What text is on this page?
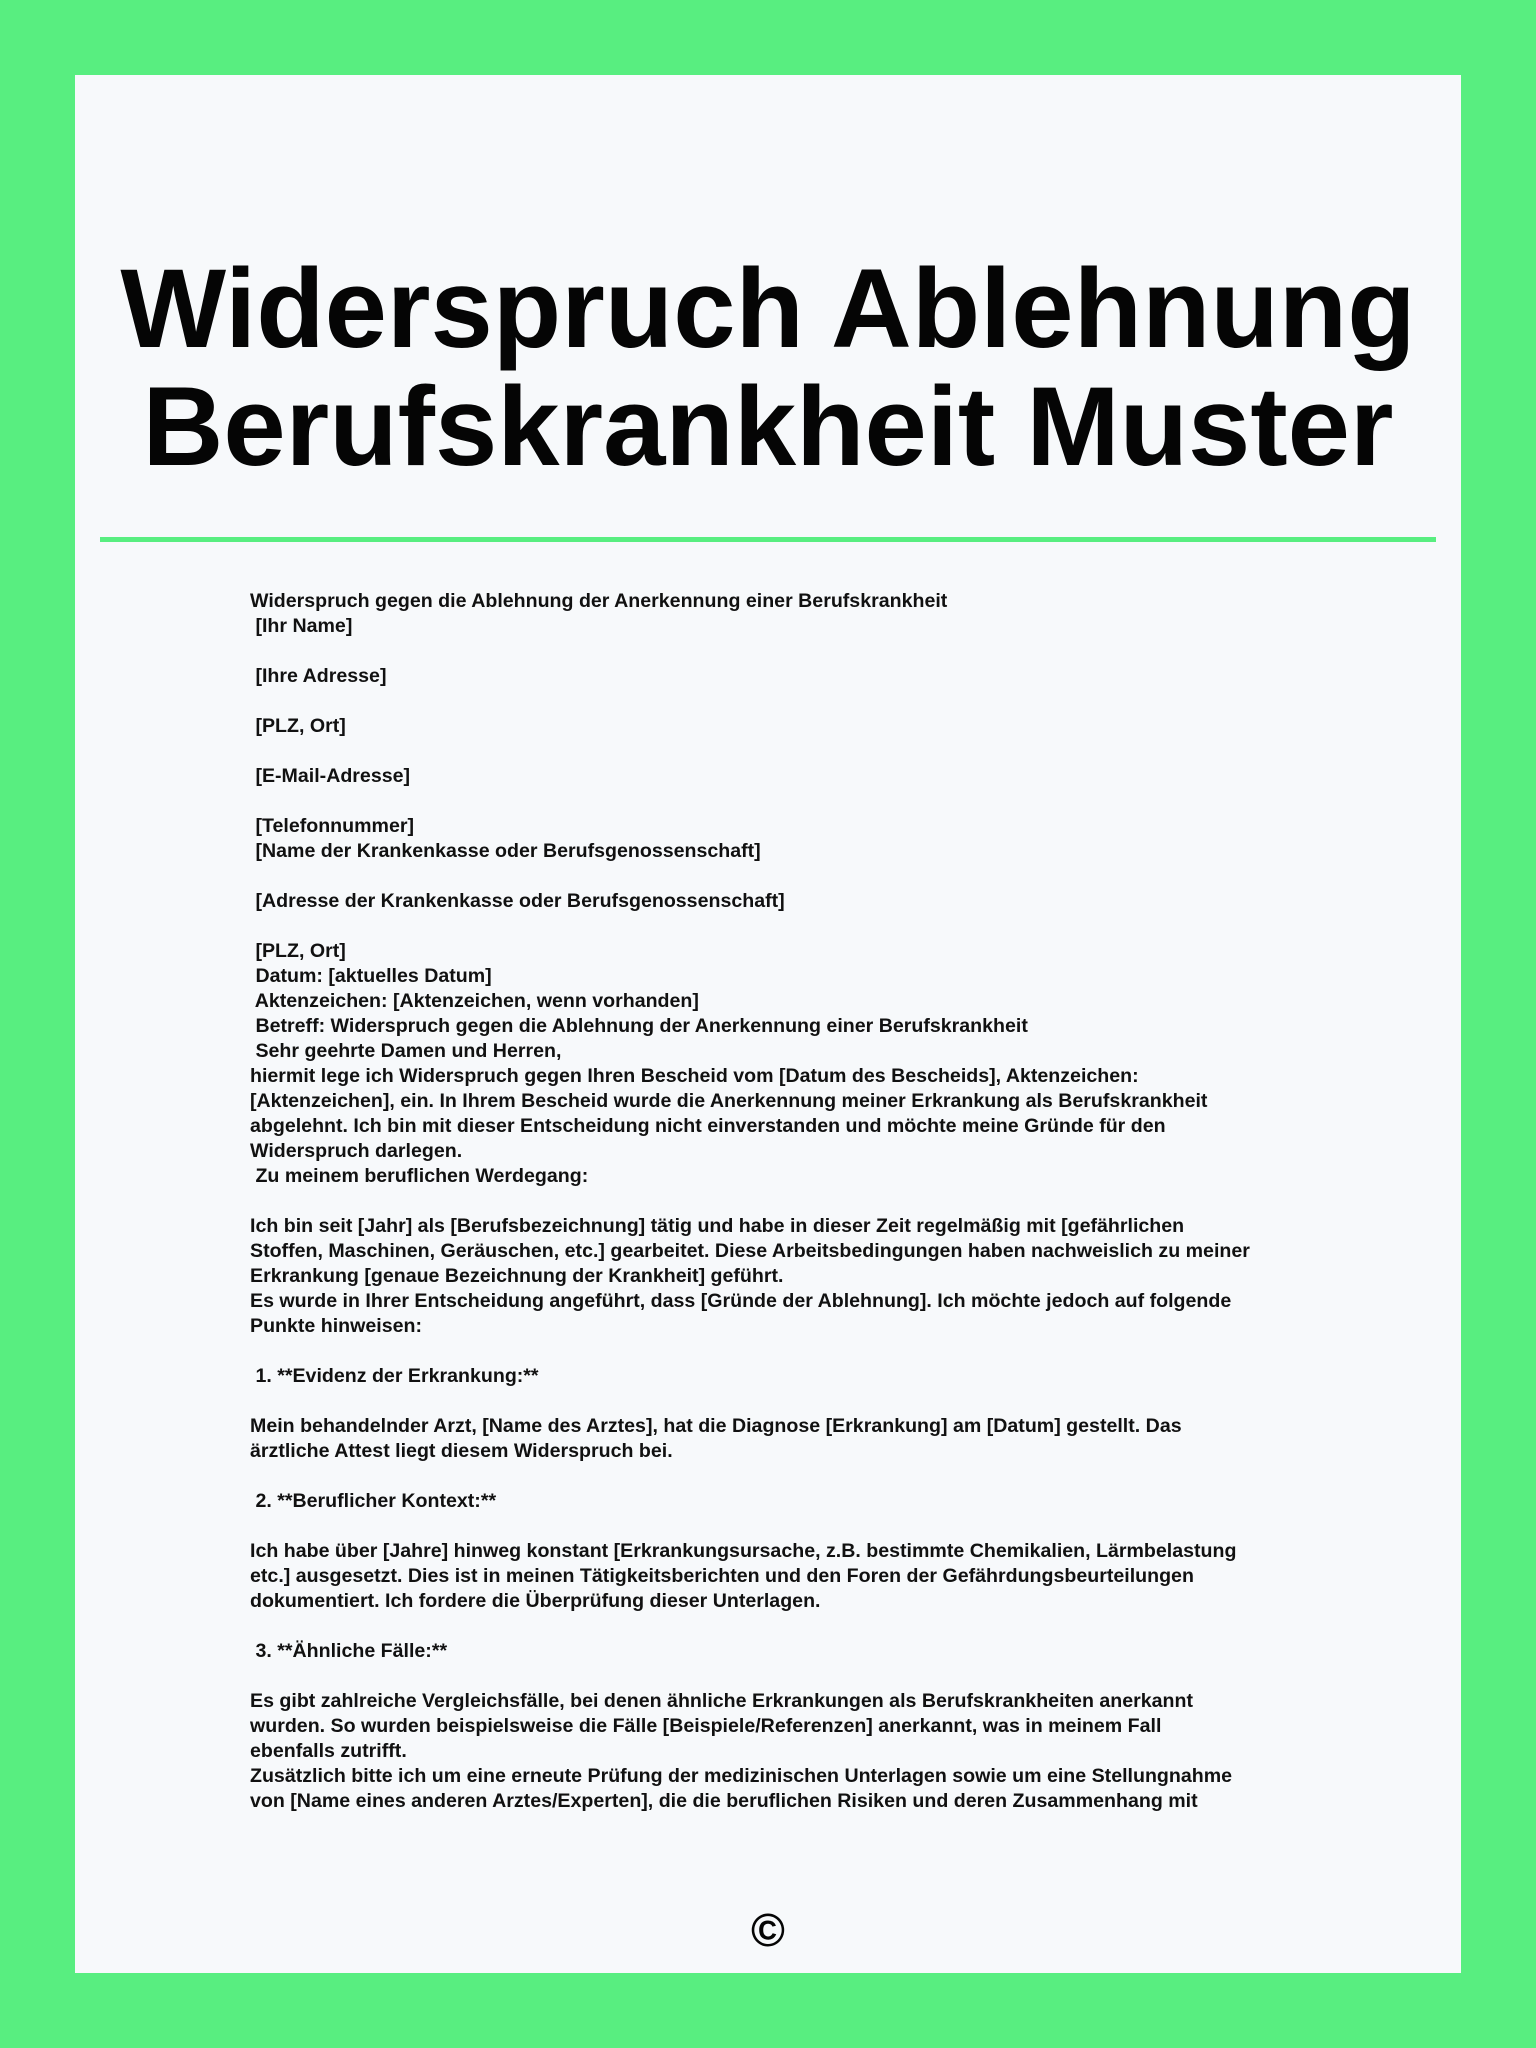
Widerspruch Ablehnung
Berufskrankheit Muster
Widerspruch gegen die Ablehnung der Anerkennung einer Berufskrankheit
[Ihr Name]
[Ihre Adresse]
[PLZ, Ort]
[E-Mail-Adresse]
[Telefonnummer]
[Name der Krankenkasse oder Berufsgenossenschaft]
[Adresse der Krankenkasse oder Berufsgenossenschaft]
[PLZ, Ort]
Datum: [aktuelles Datum]
Aktenzeichen: [Aktenzeichen, wenn vorhanden]
Betreff: Widerspruch gegen die Ablehnung der Anerkennung einer Berufskrankheit
Sehr geehrte Damen und Herren,
hiermit lege ich Widerspruch gegen Ihren Bescheid vom [Datum des Bescheids], Aktenzeichen:
[Aktenzeichen], ein. In Ihrem Bescheid wurde die Anerkennung meiner Erkrankung als Berufskrankheit
abgelehnt. Ich bin mit dieser Entscheidung nicht einverstanden und möchte meine Gründe für den
Widerspruch darlegen.
Zu meinem beruflichen Werdegang:
Ich bin seit [Jahr] als [Berufsbezeichnung] tätig und habe in dieser Zeit regelmäßig mit [gefährlichen
Stoffen, Maschinen, Geräuschen, etc.] gearbeitet. Diese Arbeitsbedingungen haben nachweislich zu meiner
Erkrankung [genaue Bezeichnung der Krankheit] geführt.
Es wurde in Ihrer Entscheidung angeführt, dass [Gründe der Ablehnung]. Ich möchte jedoch auf folgende
Punkte hinweisen:
1. **Evidenz der Erkrankung:**
Mein behandelnder Arzt, [Name des Arztes], hat die Diagnose [Erkrankung] am [Datum] gestellt. Das
ärztliche Attest liegt diesem Widerspruch bei.
2. **Beruflicher Kontext:**
Ich habe über [Jahre] hinweg konstant [Erkrankungsursache, z.B. bestimmte Chemikalien, Lärmbelastung
etc.] ausgesetzt. Dies ist in meinen Tätigkeitsberichten und den Foren der Gefährdungsbeurteilungen
dokumentiert. Ich fordere die Überprüfung dieser Unterlagen.
3. **Ähnliche Fälle:**
Es gibt zahlreiche Vergleichsfälle, bei denen ähnliche Erkrankungen als Berufskrankheiten anerkannt
wurden. So wurden beispielsweise die Fälle [Beispiele/Referenzen] anerkannt, was in meinem Fall
ebenfalls zutrifft.
Zusätzlich bitte ich um eine erneute Prüfung der medizinischen Unterlagen sowie um eine Stellungnahme
von [Name eines anderen Arztes/Experten], die die beruflichen Risiken und deren Zusammenhang mit
©
